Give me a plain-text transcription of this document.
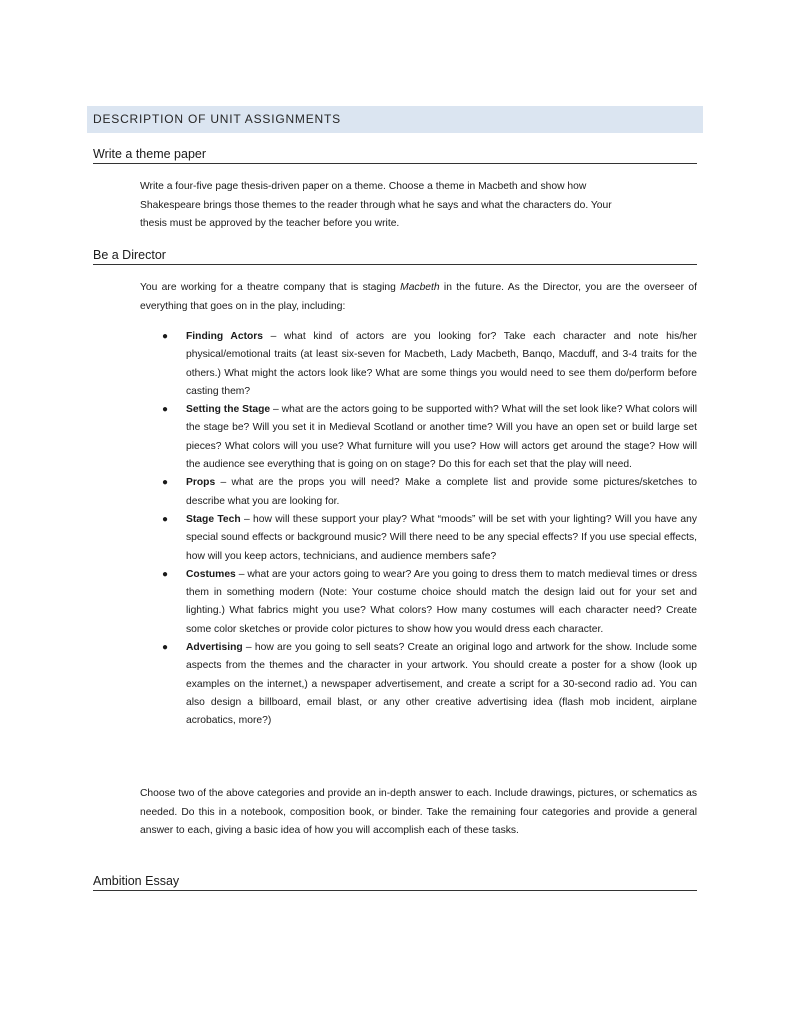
DESCRIPTION OF UNIT ASSIGNMENTS
Write a theme paper
Write a four-five page thesis-driven paper on a theme. Choose a theme in Macbeth and show how
Shakespeare brings those themes to the reader through what he says and what the characters do. Your
thesis must be approved by the teacher before you write.
Be a Director
You are working for a theatre company that is staging Macbeth in the future. As the Director, you are the overseer of everything that goes on in the play, including:
● Finding Actors – what kind of actors are you looking for? Take each character and note his/her physical/emotional traits (at least six-seven for Macbeth, Lady Macbeth, Banqo, Macduff, and 3-4 traits for the others.) What might the actors look like? What are some things you would need to see them do/perform before casting them?
● Setting the Stage – what are the actors going to be supported with? What will the set look like? What colors will the stage be? Will you set it in Medieval Scotland or another time? Will you have an open set or build large set pieces? What colors will you use? What furniture will you use? How will actors get around the stage? How will the audience see everything that is going on on stage? Do this for each set that the play will need.
● Props – what are the props you will need? Make a complete list and provide some pictures/sketches to describe what you are looking for.
● Stage Tech – how will these support your play? What “moods” will be set with your lighting? Will you have any special sound effects or background music? Will there need to be any special effects? If you use special effects, how will you keep actors, technicians, and audience members safe?
● Costumes – what are your actors going to wear? Are you going to dress them to match medieval times or dress them in something modern (Note: Your costume choice should match the design laid out for your set and lighting.) What fabrics might you use? What colors? How many costumes will each character need? Create some color sketches or provide color pictures to show how you would dress each character.
● Advertising – how are you going to sell seats? Create an original logo and artwork for the show. Include some aspects from the themes and the character in your artwork. You should create a poster for a show (look up examples on the internet,) a newspaper advertisement, and create a script for a 30-second radio ad. You can also design a billboard, email blast, or any other creative advertising idea (flash mob incident, airplane acrobatics, more?)
Choose two of the above categories and provide an in-depth answer to each. Include drawings, pictures, or schematics as needed. Do this in a notebook, composition book, or binder. Take the remaining four categories and provide a general answer to each, giving a basic idea of how you will accomplish each of these tasks.
Ambition Essay
